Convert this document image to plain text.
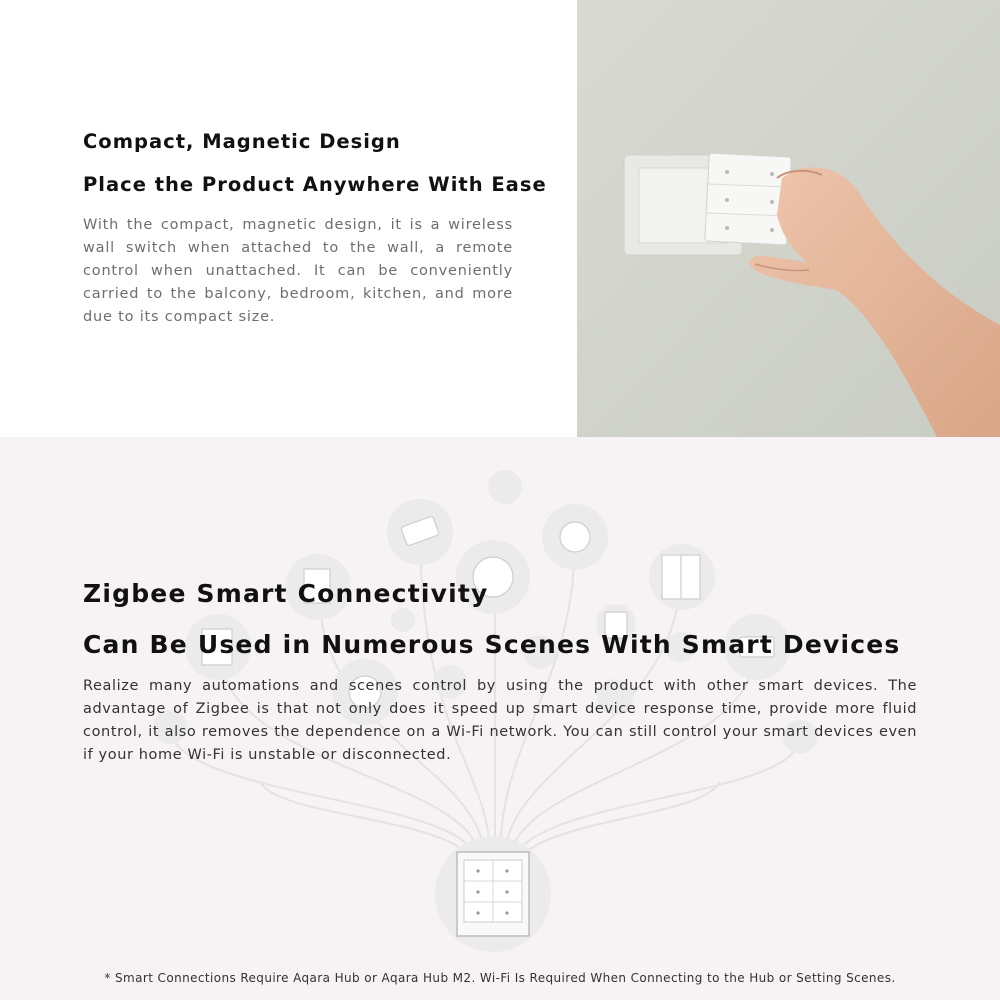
Compact, Magnetic Design
Place the Product Anywhere With Ease

With the compact, magnetic design, it is a wireless wall switch when attached to the wall, a remote control when unattached. It can be conveniently carried to the balcony, bedroom, kitchen, and more due to its compact size.

Zigbee Smart Connectivity
Can Be Used in Numerous Scenes With Smart Devices

Realize many automations and scenes control by using the product with other smart devices. The advantage of Zigbee is that not only does it speed up smart device response time, provide more fluid control, it also removes the dependence on a Wi-Fi network. You can still control your smart devices even if your home Wi-Fi is unstable or disconnected.

* Smart Connections Require Aqara Hub or Aqara Hub M2. Wi-Fi Is Required When Connecting to the Hub or Setting Scenes.
